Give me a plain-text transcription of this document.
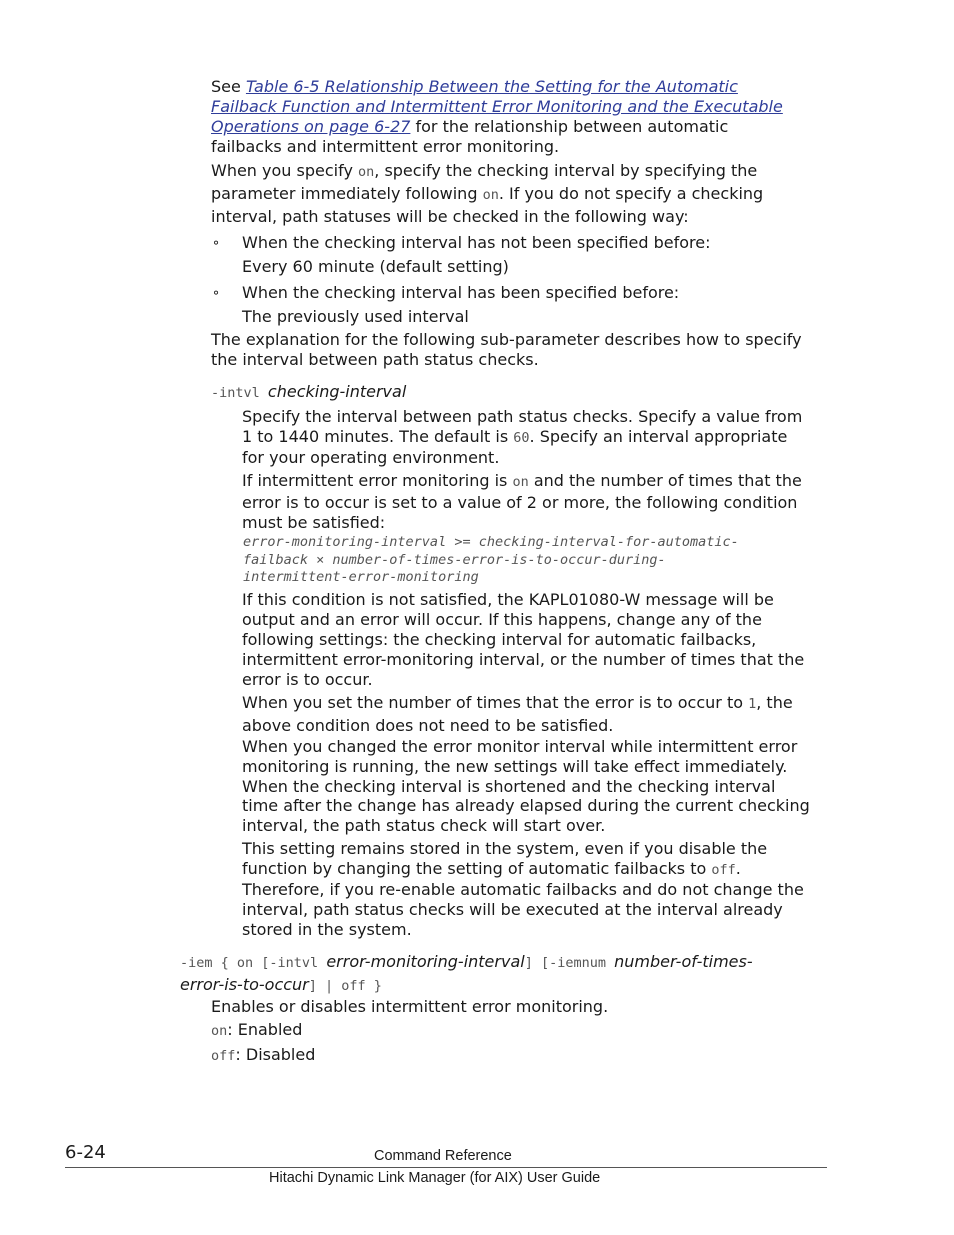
See Table 6-5 Relationship Between the Setting for the Automatic
Failback Function and Intermittent Error Monitoring and the Executable
Operations on page 6-27 for the relationship between automatic
failbacks and intermittent error monitoring.
When you specify on, specify the checking interval by specifying the
parameter immediately following on. If you do not specify a checking
interval, path statuses will be checked in the following way:
⚬ When the checking interval has not been specified before:
Every 60 minute (default setting)
⚬ When the checking interval has been specified before:
The previously used interval
The explanation for the following sub-parameter describes how to specify
the interval between path status checks.
-intvl checking-interval
Specify the interval between path status checks. Specify a value from
1 to 1440 minutes. The default is 60. Specify an interval appropriate
for your operating environment.
If intermittent error monitoring is on and the number of times that the
error is to occur is set to a value of 2 or more, the following condition
must be satisfied:
error-monitoring-interval >= checking-interval-for-automatic-
failback × number-of-times-error-is-to-occur-during-
intermittent-error-monitoring
If this condition is not satisfied, the KAPL01080-W message will be
output and an error will occur. If this happens, change any of the
following settings: the checking interval for automatic failbacks,
intermittent error-monitoring interval, or the number of times that the
error is to occur.
When you set the number of times that the error is to occur to 1, the
above condition does not need to be satisfied.
When you changed the error monitor interval while intermittent error
monitoring is running, the new settings will take effect immediately.
When the checking interval is shortened and the checking interval
time after the change has already elapsed during the current checking
interval, the path status check will start over.
This setting remains stored in the system, even if you disable the
function by changing the setting of automatic failbacks to off.
Therefore, if you re-enable automatic failbacks and do not change the
interval, path status checks will be executed at the interval already
stored in the system.
-iem { on [-intvl error-monitoring-interval] [-iemnum number-of-times-
error-is-to-occur] | off }
Enables or disables intermittent error monitoring.
on: Enabled
off: Disabled
6-24	Command Reference
Hitachi Dynamic Link Manager (for AIX) User Guide
